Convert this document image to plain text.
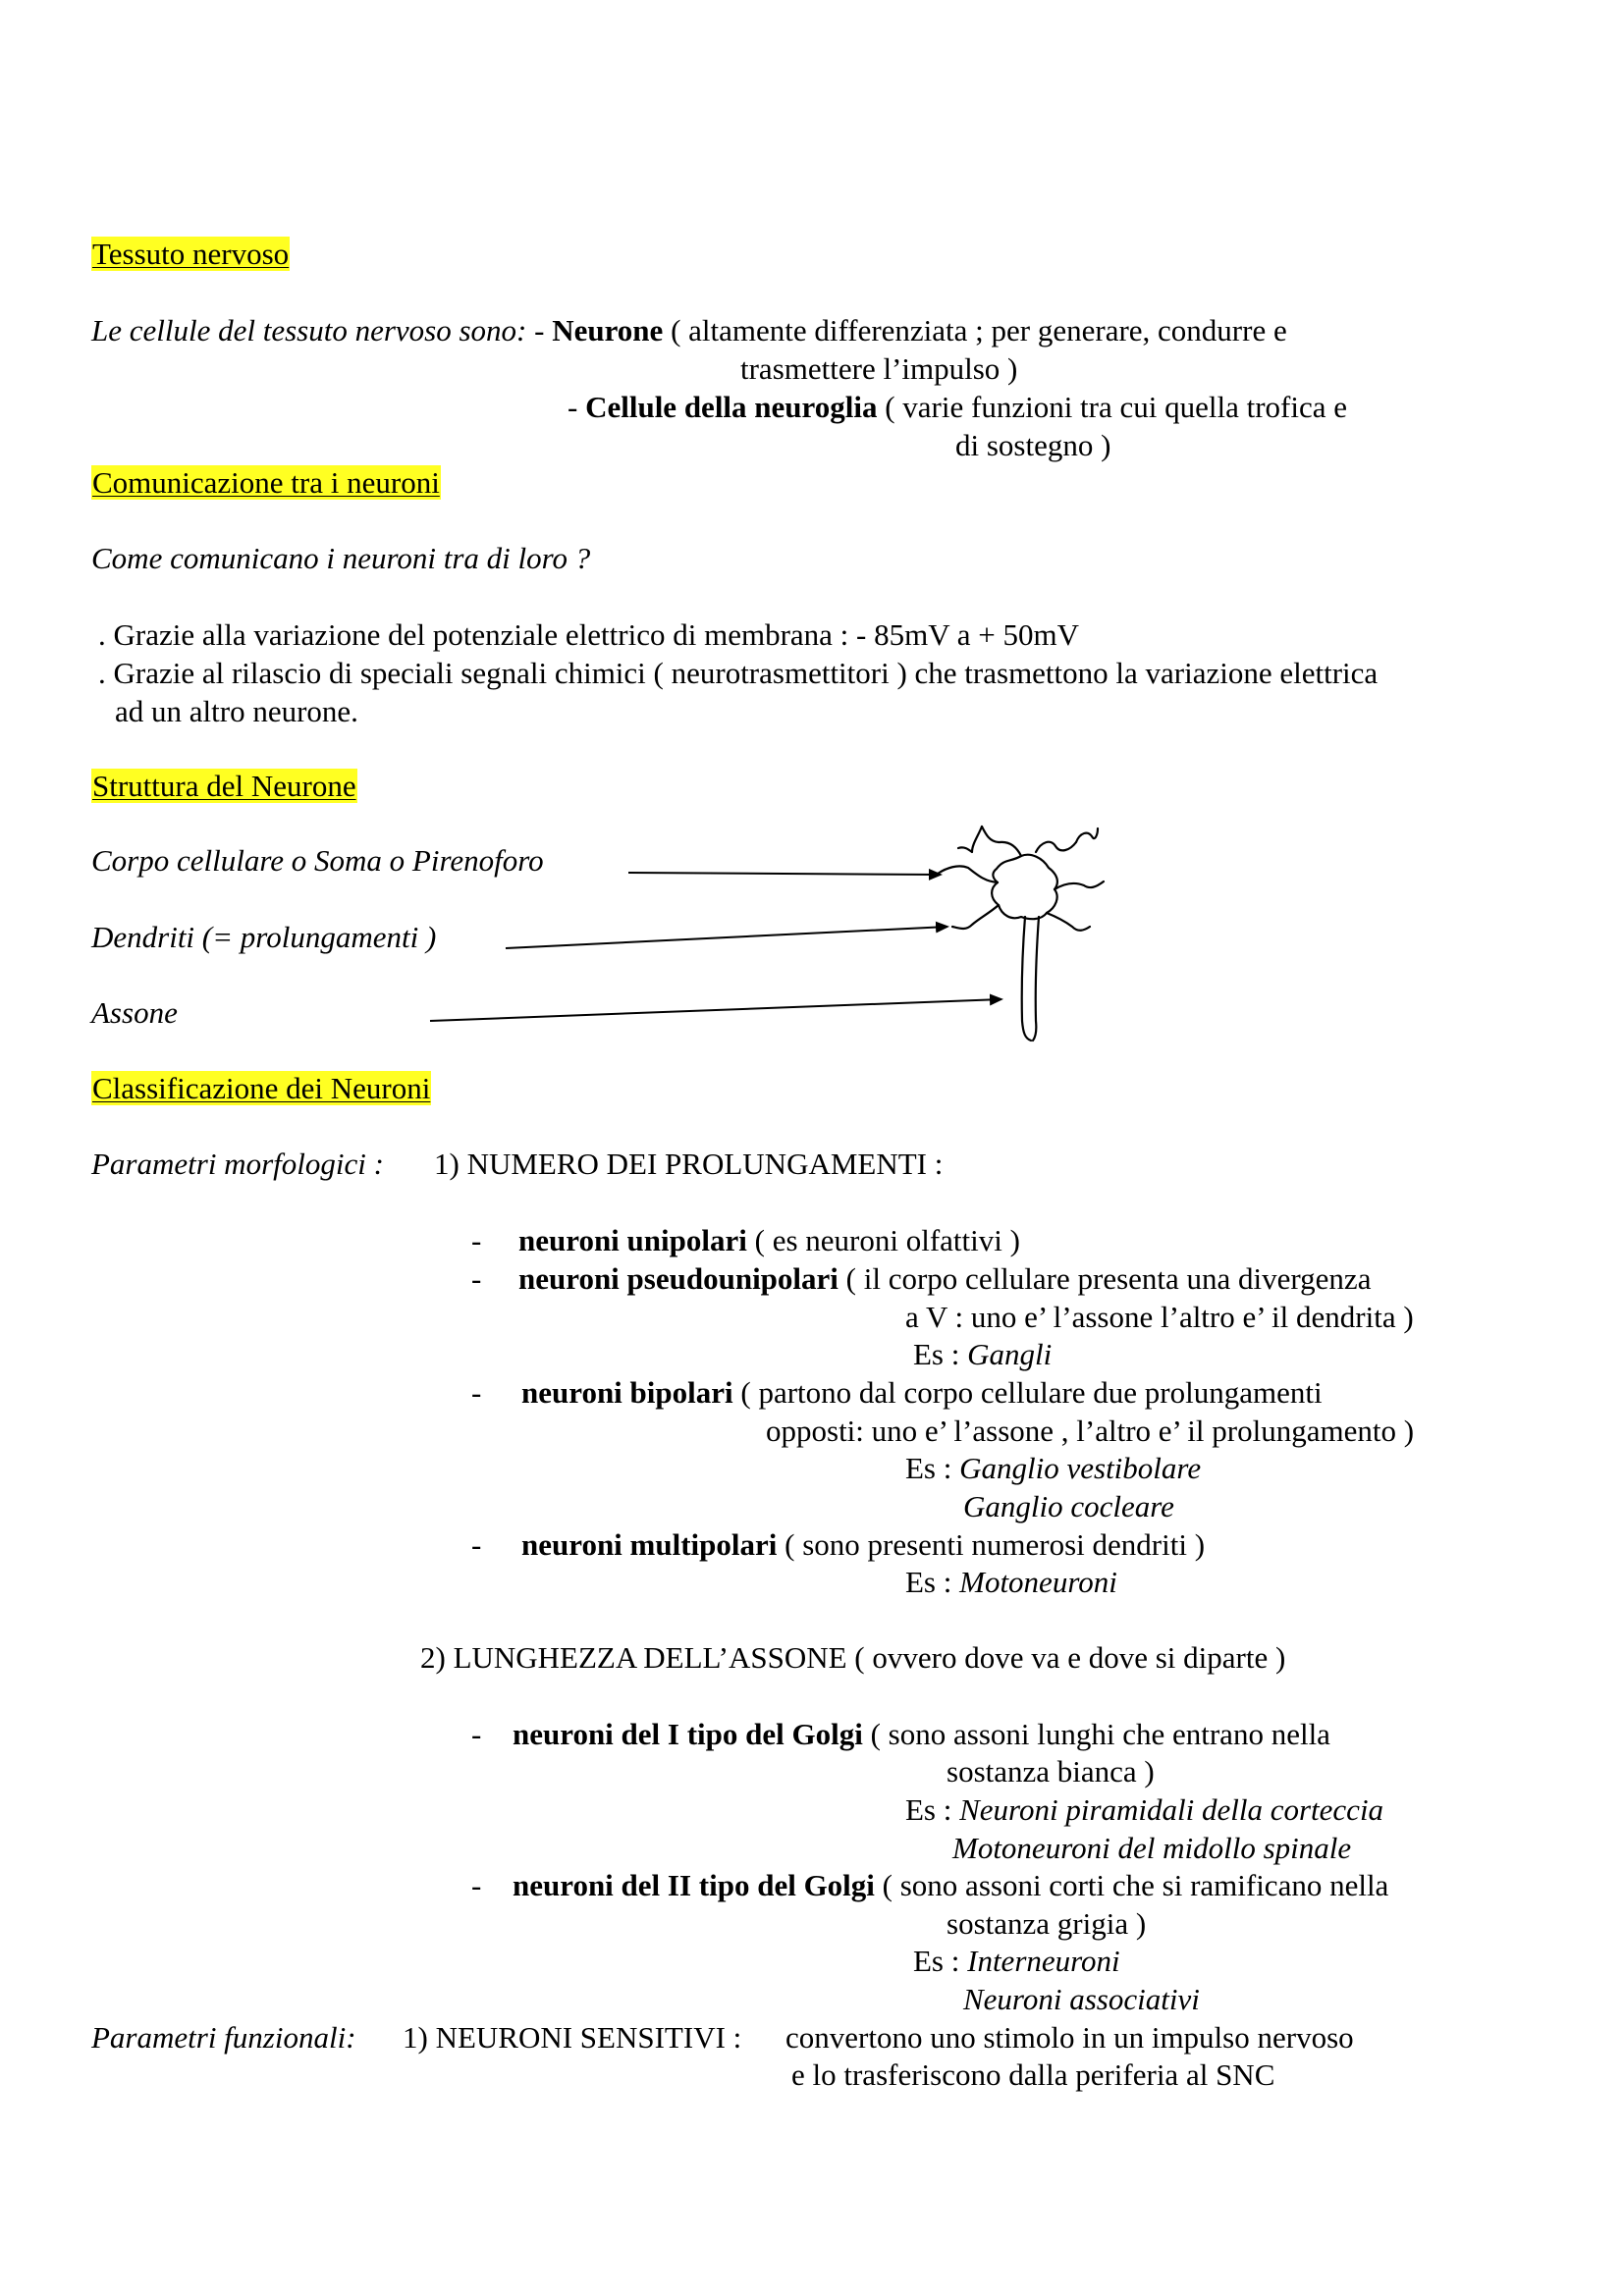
Tessuto nervoso
Le cellule del tessuto nervoso sono: - Neurone ( altamente differenziata ; per generare, condurre e
trasmettere l’impulso )
- Cellule della neuroglia ( varie funzioni tra cui quella trofica e
di sostegno )
Comunicazione tra i neuroni
Come comunicano i neuroni tra di loro ?
. Grazie alla variazione del potenziale elettrico di membrana : - 85mV a + 50mV
. Grazie al rilascio di speciali segnali chimici ( neurotrasmettitori ) che trasmettono la variazione elettrica
ad un altro neurone.
Struttura del Neurone
Corpo cellulare o Soma o Pirenoforo
Dendriti (= prolungamenti )
Assone
Classificazione dei Neuroni
Parametri morfologici : 1) NUMERO DEI PROLUNGAMENTI :
- neuroni unipolari ( es neuroni olfattivi )
- neuroni pseudounipolari ( il corpo cellulare presenta una divergenza
a V : uno e’ l’assone l’altro e’ il dendrita )
Es : Gangli
- neuroni bipolari ( partono dal corpo cellulare due prolungamenti
opposti: uno e’ l’assone , l’altro e’ il prolungamento )
Es : Ganglio vestibolare
Ganglio cocleare
- neuroni multipolari ( sono presenti numerosi dendriti )
Es : Motoneuroni
2) LUNGHEZZA DELL’ASSONE ( ovvero dove va e dove si diparte )
- neuroni del I tipo del Golgi ( sono assoni lunghi che entrano nella
sostanza bianca )
Es : Neuroni piramidali della corteccia
Motoneuroni del midollo spinale
- neuroni del II tipo del Golgi ( sono assoni corti che si ramificano nella
sostanza grigia )
Es : Interneuroni
Neuroni associativi
Parametri funzionali: 1) NEURONI SENSITIVI : convertono uno stimolo in un impulso nervoso
e lo trasferiscono dalla periferia al SNC
